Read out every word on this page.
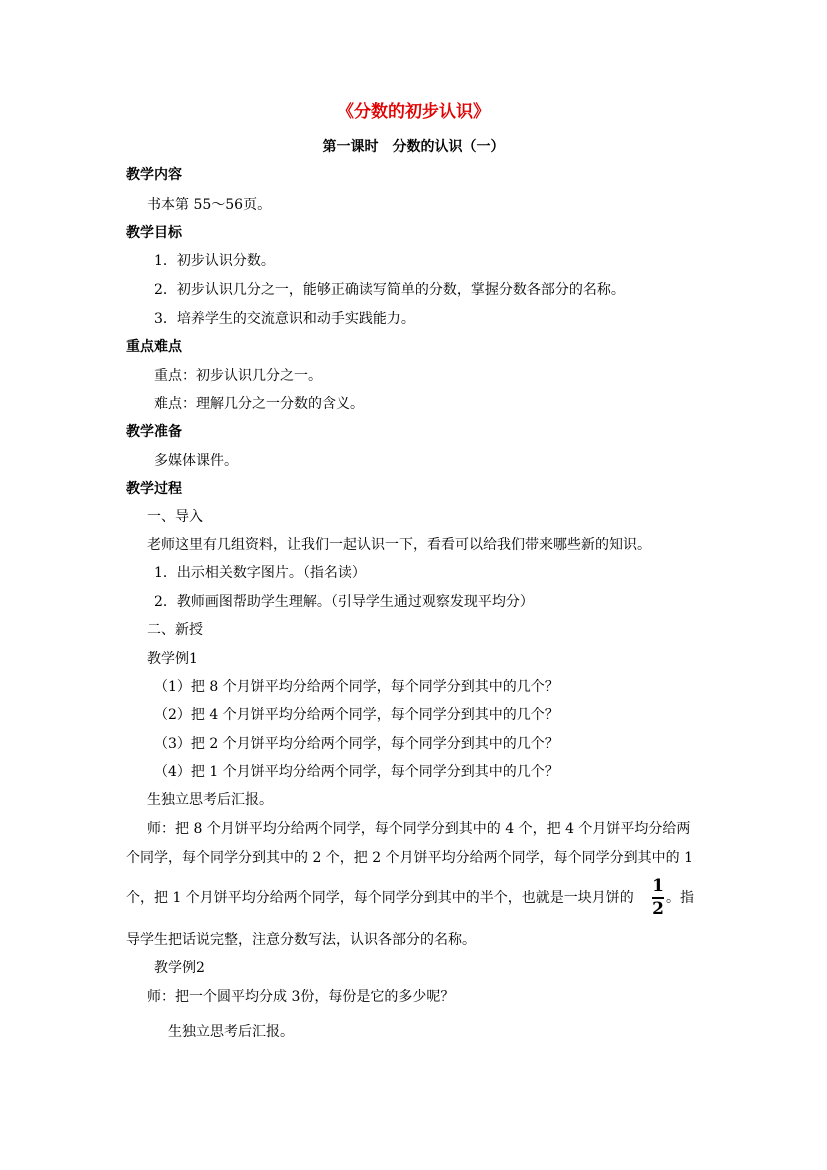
《分数的初步认识》
第一课时　分数的认识（一）
教学内容
书本第 55～56页。
教学目标
1．初步认识分数。
2．初步认识几分之一，能够正确读写简单的分数，掌握分数各部分的名称。
3．培养学生的交流意识和动手实践能力。
重点难点
重点：初步认识几分之一。
难点：理解几分之一分数的含义。
教学准备
多媒体课件。
教学过程
一、导入
老师这里有几组资料，让我们一起认识一下，看看可以给我们带来哪些新的知识。
1．出示相关数字图片。（指名读）
2．教师画图帮助学生理解。（引导学生通过观察发现平均分）
二、新授
教学例1
（1）把 8 个月饼平均分给两个同学，每个同学分到其中的几个？
（2）把 4 个月饼平均分给两个同学，每个同学分到其中的几个？
（3）把 2 个月饼平均分给两个同学，每个同学分到其中的几个？
（4）把 1 个月饼平均分给两个同学，每个同学分到其中的几个？
生独立思考后汇报。
师：把 8 个月饼平均分给两个同学，每个同学分到其中的 4 个，把 4 个月饼平均分给两
个同学，每个同学分到其中的 2 个，把 2 个月饼平均分给两个同学，每个同学分到其中的 1
个，把 1 个月饼平均分给两个同学，每个同学分到其中的半个，也就是一块月饼的
1
2
。指
导学生把话说完整，注意分数写法，认识各部分的名称。
教学例2
师：把一个圆平均分成 3份，每份是它的多少呢？
生独立思考后汇报。
